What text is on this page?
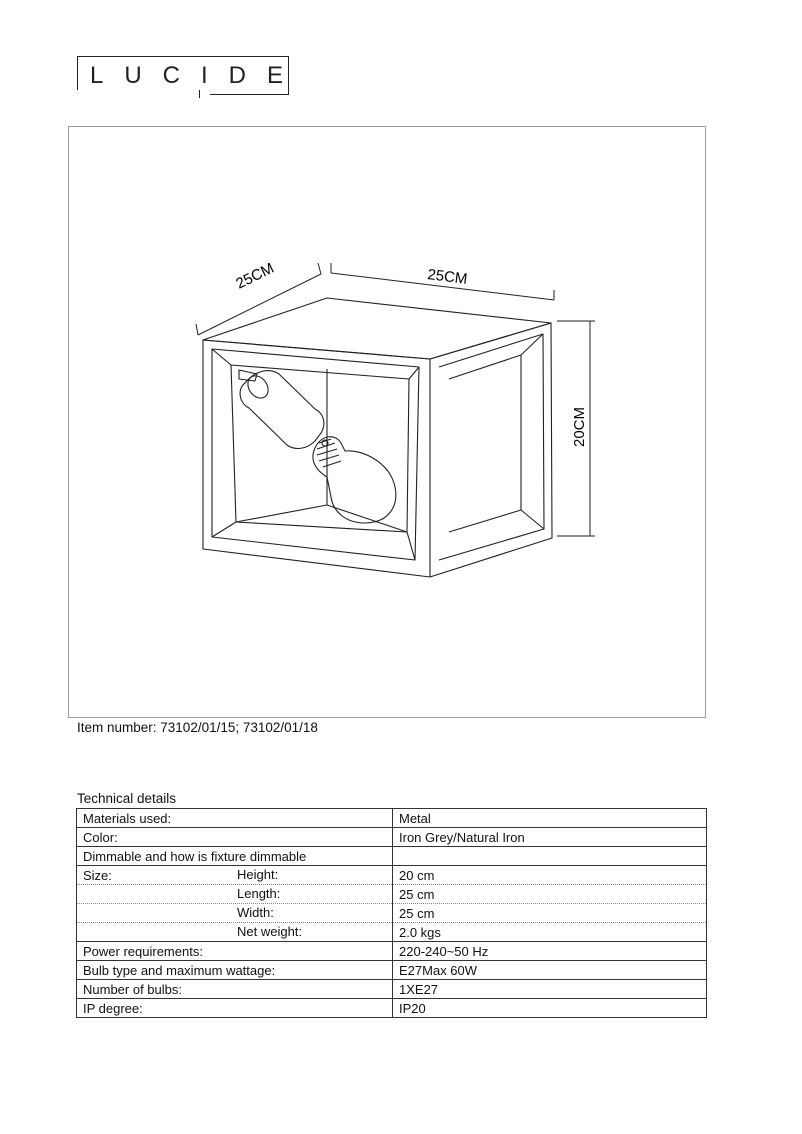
LUCIDE
25CM	25CM
20CM
Item number: 73102/01/15; 73102/01/18
Technical details
Materials used:	Metal
Color:	Iron Grey/Natural Iron
Dimmable and how is fixture dimmable	
Size: Height:	20 cm

Length:	25 cm

Width:	25 cm

Net weight:	2.0 kgs
Power requirements:	220-240~50 Hz
Bulb type and maximum wattage:	E27Max 60W
Number of bulbs:	1XE27
IP degree:	IP20
